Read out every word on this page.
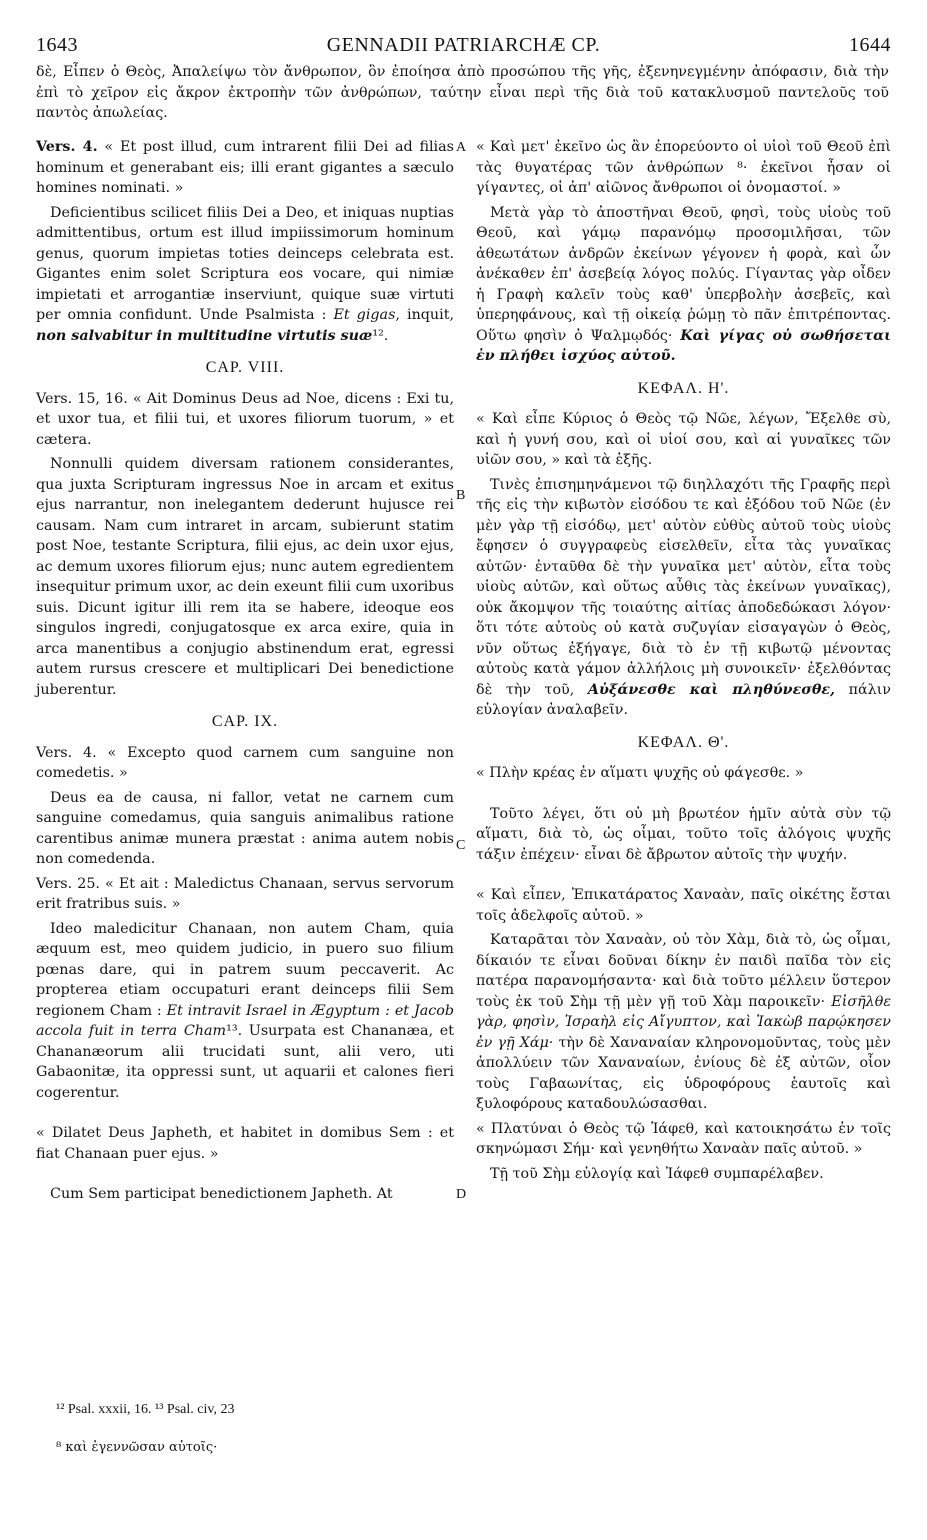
1643	GENNADII PATRIARCHÆ CP.	1644

δὲ, Εἶπεν ὁ Θεὸς, Ἀπαλείψω τὸν ἄνθρωπον, ὃν ἐποίησα ἀπὸ προσώπου τῆς γῆς, ἐξενηνεγμένην ἀπόφασιν, διὰ τὴν ἐπὶ τὸ χεῖρον εἰς ἄκρον ἐκτροπὴν τῶν ἀνθρώπων, ταύτην εἶναι περὶ τῆς διὰ τοῦ κατακλυσμοῦ παντελοῦς τοῦ παντὸς ἀπωλείας.

Vers. 4. « Et post illud, cum intrarent filii Dei ad filias hominum et generabant eis; illi erant gigantes a sæculo homines nominati. »

Deficientibus scilicet filiis Dei a Deo, et iniquas nuptias admittentibus, ortum est illud impiissimorum hominum genus, quorum impietas toties deinceps celebrata est. Gigantes enim solet Scriptura eos vocare, qui nimiæ impietati et arrogantiæ inserviunt, quique suæ virtuti per omnia confidunt. Unde Psalmista : Et gigas, inquit, non salvabitur in multitudine virtutis suæ¹².

CAP. VIII.

Vers. 15, 16. « Ait Dominus Deus ad Noe, dicens : Exi tu, et uxor tua, et filii tui, et uxores filiorum tuorum, » et cætera.

Nonnulli quidem diversam rationem considerantes, qua juxta Scripturam ingressus Noe in arcam et exitus ejus narrantur, non inelegantem dederunt hujusce rei causam. Nam cum intraret in arcam, subierunt statim post Noe, testante Scriptura, filii ejus, ac dein uxor ejus, ac demum uxores filiorum ejus; nunc autem egredientem insequitur primum uxor, ac dein exeunt filii cum uxoribus suis. Dicunt igitur illi rem ita se habere, ideoque eos singulos ingredi, conjugatosque ex arca exire, quia in arca manentibus a conjugio abstinendum erat, egressi autem rursus crescere et multiplicari Dei benedictione juberentur.

CAP. IX.

Vers. 4. « Excepto quod carnem cum sanguine non comedetis. »

Deus ea de causa, ni fallor, vetat ne carnem cum sanguine comedamus, quia sanguis animalibus ratione carentibus animæ munera præstat : anima autem nobis non comedenda.

Vers. 25. « Et ait : Maledictus Chanaan, servus servorum erit fratribus suis. »

Ideo maledicitur Chanaan, non autem Cham, quia æquum est, meo quidem judicio, in puero suo filium pœnas dare, qui in patrem suum peccaverit. Ac propterea etiam occupaturi erant deinceps filii Sem regionem Cham : Et intravit Israel in Ægyptum : et Jacob accola fuit in terra Cham¹³. Usurpata est Chananæa, et Chananæorum alii trucidati sunt, alii vero, uti Gabaonitæ, ita oppressi sunt, ut aquarii et calones fieri cogerentur.

« Dilatet Deus Japheth, et habitet in domibus Sem : et fiat Chanaan puer ejus. »

Cum Sem participat benedictionem Japheth. At

A
B
C
D

« Καὶ μετ' ἐκεῖνο ὡς ἂν ἐπορεύοντο οἱ υἱοὶ τοῦ Θεοῦ ἐπὶ τὰς θυγατέρας τῶν ἀνθρώπων ⁸· ἐκεῖνοι ἦσαν οἱ γίγαντες, οἱ ἀπ' αἰῶνος ἄνθρωποι οἱ ὀνομαστοί. »

Μετὰ γὰρ τὸ ἀποστῆναι Θεοῦ, φησὶ, τοὺς υἱοὺς τοῦ Θεοῦ, καὶ γάμῳ παρανόμῳ προσομιλῆσαι, τῶν ἀθεωτάτων ἀνδρῶν ἐκείνων γέγονεν ἡ φορὰ, καὶ ὧν ἀνέκαθεν ἐπ' ἀσεβείᾳ λόγος πολύς. Γίγαντας γὰρ οἶδεν ἡ Γραφὴ καλεῖν τοὺς καθ' ὑπερβολὴν ἀσεβεῖς, καὶ ὑπερηφάνους, καὶ τῇ οἰκείᾳ ῥώμῃ τὸ πᾶν ἐπιτρέποντας. Οὕτω φησὶν ὁ Ψαλμῳδός· Καὶ γίγας οὐ σωθήσεται ἐν πλήθει ἰσχύος αὐτοῦ.

ΚΕΦΑΛ. Η'.

« Καὶ εἶπε Κύριος ὁ Θεὸς τῷ Νῶε, λέγων, Ἔξελθε σὺ, καὶ ἡ γυνή σου, καὶ οἱ υἱοί σου, καὶ αἱ γυναῖκες τῶν υἱῶν σου, » καὶ τὰ ἑξῆς.

Τινὲς ἐπισημηνάμενοι τῷ διηλλαχότι τῆς Γραφῆς περὶ τῆς εἰς τὴν κιβωτὸν εἰσόδου τε καὶ ἐξόδου τοῦ Νῶε (ἐν μὲν γὰρ τῇ εἰσόδῳ, μετ' αὐτὸν εὐθὺς αὐτοῦ τοὺς υἱοὺς ἔφησεν ὁ συγγραφεὺς εἰσελθεῖν, εἶτα τὰς γυναῖκας αὐτῶν· ἐνταῦθα δὲ τὴν γυναῖκα μετ' αὐτὸν, εἶτα τοὺς υἱοὺς αὐτῶν, καὶ οὕτως αὖθις τὰς ἐκείνων γυναῖκας), οὐκ ἄκομψον τῆς τοιαύτης αἰτίας ἀποδεδώκασι λόγον· ὅτι τότε αὐτοὺς οὐ κατὰ συζυγίαν εἰσαγαγὼν ὁ Θεὸς, νῦν οὕτως ἐξήγαγε, διὰ τὸ ἐν τῇ κιβωτῷ μένοντας αὐτοὺς κατὰ γάμον ἀλλήλοις μὴ συνοικεῖν· ἐξελθόντας δὲ τὴν τοῦ, Αὐξάνεσθε καὶ πληθύνεσθε, πάλιν εὐλογίαν ἀναλαβεῖν.

ΚΕΦΑΛ. Θ'.

« Πλὴν κρέας ἐν αἵματι ψυχῆς οὐ φάγεσθε. »

Τοῦτο λέγει, ὅτι οὐ μὴ βρωτέον ἡμῖν αὐτὰ σὺν τῷ αἵματι, διὰ τὸ, ὡς οἶμαι, τοῦτο τοῖς ἀλόγοις ψυχῆς τάξιν ἐπέχειν· εἶναι δὲ ἄβρωτον αὐτοῖς τὴν ψυχήν.

« Καὶ εἶπεν, Ἐπικατάρατος Χαναὰν, παῖς οἰκέτης ἔσται τοῖς ἀδελφοῖς αὐτοῦ. »

Καταρᾶται τὸν Χαναὰν, οὐ τὸν Χὰμ, διὰ τὸ, ὡς οἶμαι, δίκαιόν τε εἶναι δοῦναι δίκην ἐν παιδὶ παῖδα τὸν εἰς πατέρα παρανομήσαντα· καὶ διὰ τοῦτο μέλλειν ὕστερον τοὺς ἐκ τοῦ Σὴμ τῇ μὲν γῇ τοῦ Χὰμ παροικεῖν· Εἰσῆλθε γὰρ, φησὶν, Ἰσραὴλ εἰς Αἴγυπτον, καὶ Ἰακὼβ παρῴκησεν ἐν γῇ Χάμ· τὴν δὲ Χαναναίαν κληρονομοῦντας, τοὺς μὲν ἀπολλύειν τῶν Χαναναίων, ἐνίους δὲ ἐξ αὐτῶν, οἷον τοὺς Γαβαωνίτας, εἰς ὑδροφόρους ἑαυτοῖς καὶ ξυλοφόρους καταδουλώσασθαι.

« Πλατύναι ὁ Θεὸς τῷ Ἰάφεθ, καὶ κατοικησάτω ἐν τοῖς σκηνώμασι Σήμ· καὶ γενηθήτω Χαναὰν παῖς αὐτοῦ. »

Τῇ τοῦ Σὴμ εὐλογίᾳ καὶ Ἰάφεθ συμπαρέλαβεν.

¹² Psal. xxxii, 16. ¹³ Psal. civ, 23
⁸ καὶ ἐγεννῶσαν αὐτοῖς·
